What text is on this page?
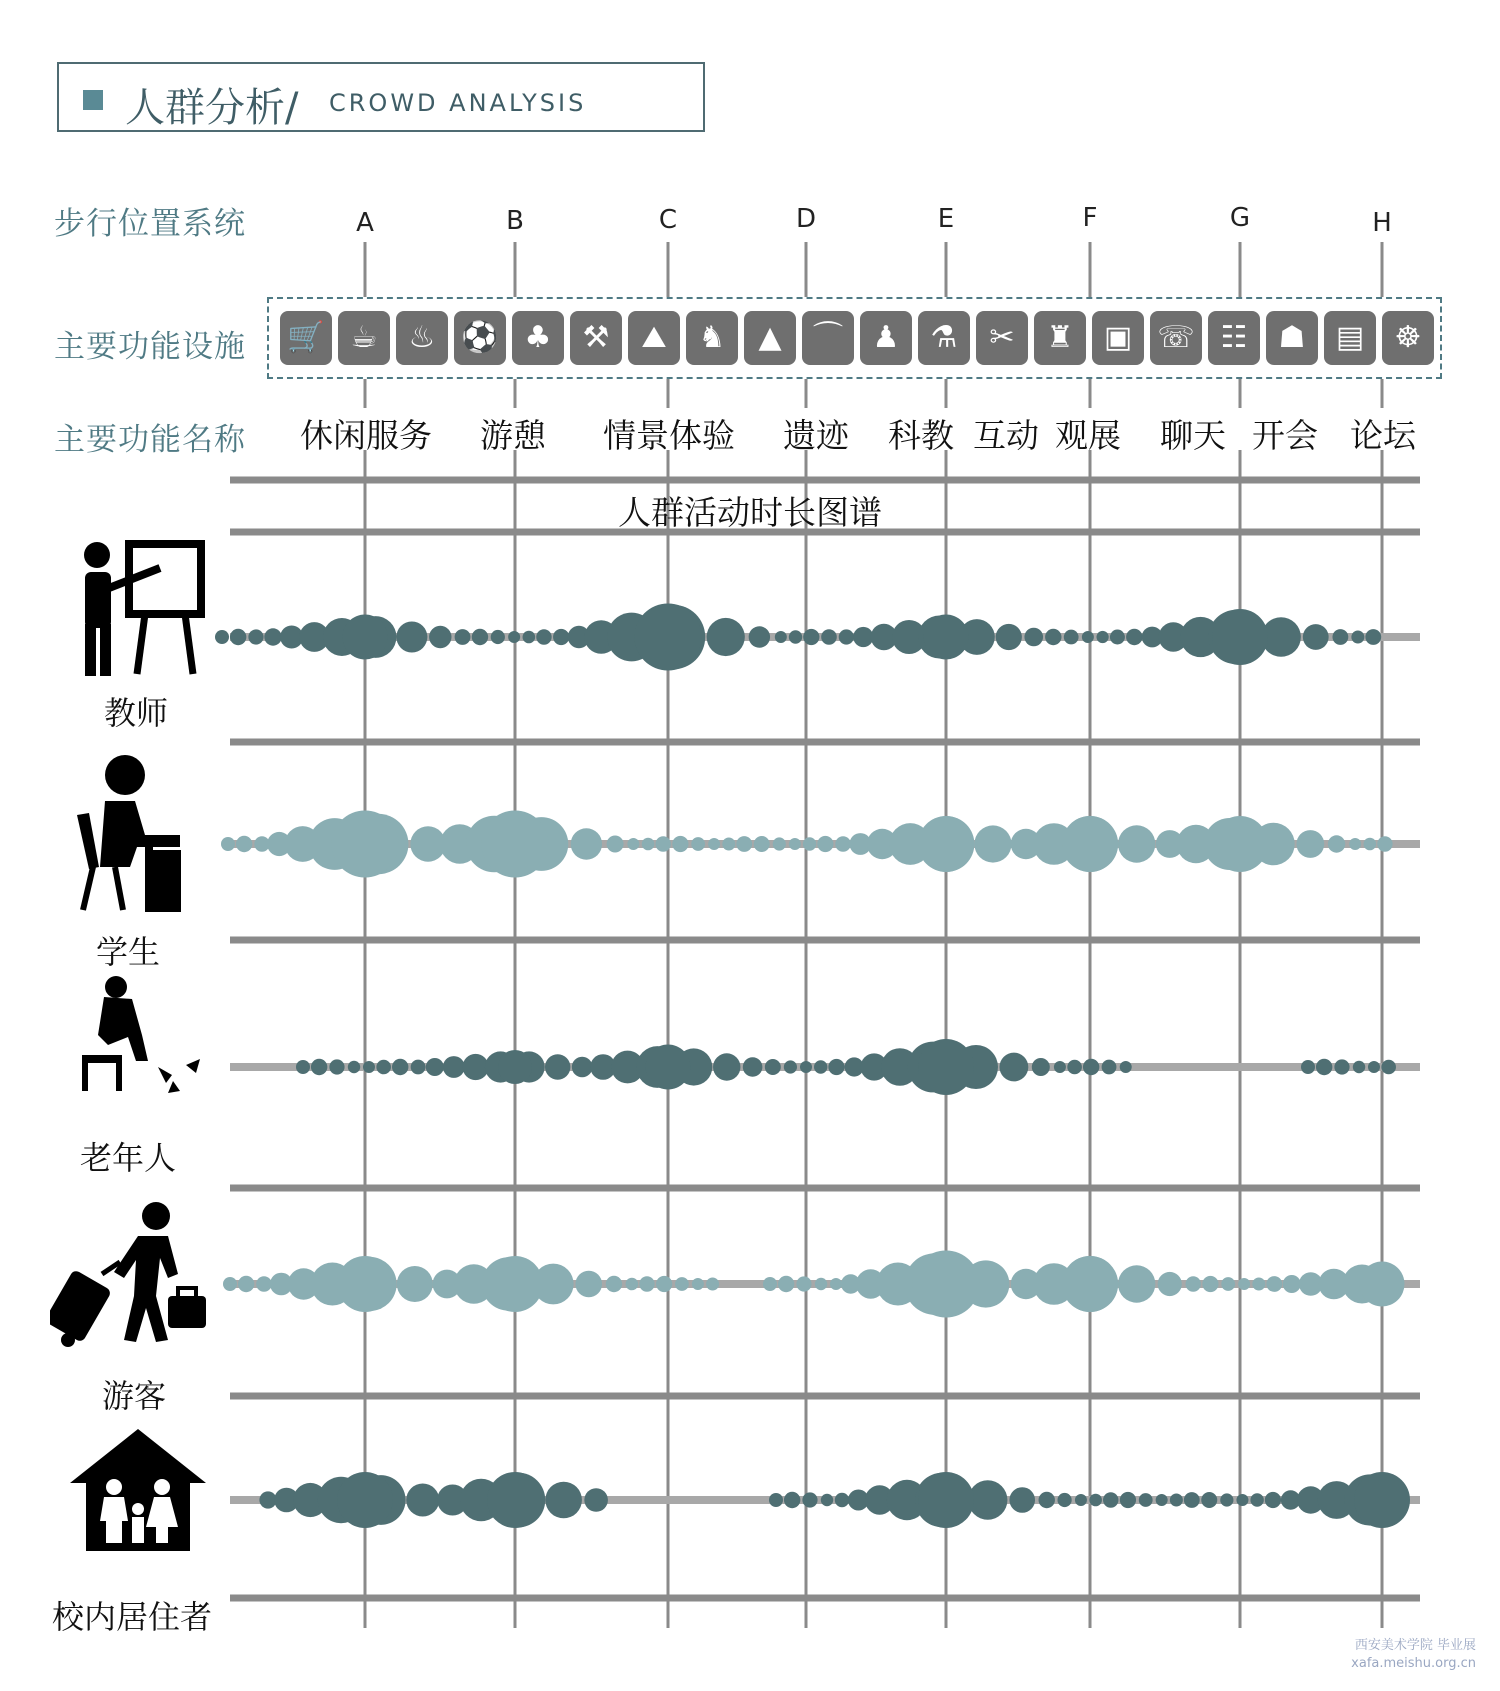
人群分析/ CROWD ANALYSIS
步行位置系统
主要功能设施
主要功能名称
A	B	C	D	E	F	G	H
🛒 ☕	♨ ⚽ ♣	⚒	⛰	♞	▲	⌒ ♟	⚗	✂	♜	▣ ☏ ☷	☗	▤	☸
休闲服务 游憩 情景体验 遗迹 科教 互动 观展 聊天 开会 论坛
人群活动时长图谱
教师
学生
老年人
游客
校内居住者
西安美术学院 毕业展
xafa.meishu.org.cn
